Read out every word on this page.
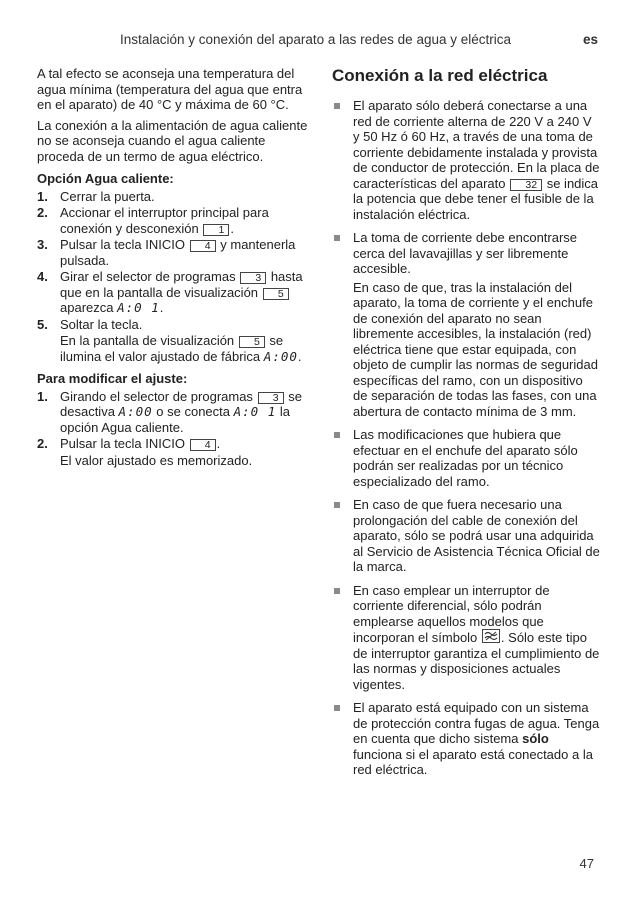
Instalación y conexión del aparato a las redes de agua y eléctrica	es

A tal efecto se aconseja una temperatura del agua mínima (temperatura del agua que entra en el aparato) de 40 °C y máxima de 60 °C.

La conexión a la alimentación de agua caliente no se aconseja cuando el agua caliente proceda de un termo de agua eléctrico.

Opción Agua caliente:
1. Cerrar la puerta.
2. Accionar el interruptor principal para conexión y desconexión 1 .
3. Pulsar la tecla INICIO 4 y mantenerla pulsada.
4. Girar el selector de programas 3 hasta que en la pantalla de visualización 5 aparezca A:0 1.
5. Soltar la tecla.
En la pantalla de visualización 5 se ilumina el valor ajustado de fábrica A:00.
Para modificar el ajuste:
1. Girando el selector de programas 3 se desactiva A:00 o se conecta A:0 1 la opción Agua caliente.
2. Pulsar la tecla INICIO 4 .
El valor ajustado es memorizado.
Conexión a la red eléctrica

El aparato sólo deberá conectarse a una red de corriente alterna de 220 V a 240 V y 50 Hz ó 60 Hz, a través de una toma de corriente debidamente instalada y provista de conductor de protección. En la placa de características del aparato 32 se indica la potencia que debe tener el fusible de la instalación eléctrica.

La toma de corriente debe encontrarse cerca del lavavajillas y ser libremente accesible.

En caso de que, tras la instalación del aparato, la toma de corriente y el enchufe de conexión del aparato no sean libremente accesibles, la instalación (red) eléctrica tiene que estar equipada, con objeto de cumplir las normas de seguridad específicas del ramo, con un dispositivo de separación de todas las fases, con una abertura de contacto mínima de 3 mm.

Las modificaciones que hubiera que efectuar en el enchufe del aparato sólo podrán ser realizadas por un técnico especializado del ramo.

En caso de que fuera necesario una prolongación del cable de conexión del aparato, sólo se podrá usar una adquirida al Servicio de Asistencia Técnica Oficial de la marca.

En caso emplear un interruptor de corriente diferencial, sólo podrán emplearse aquellos modelos que incorporan el símbolo . Sólo este tipo de interruptor garantiza el cumplimiento de las normas y disposiciones actuales vigentes.

El aparato está equipado con un sistema de protección contra fugas de agua. Tenga en cuenta que dicho sistema sólo funciona si el aparato está conectado a la red eléctrica.

47
